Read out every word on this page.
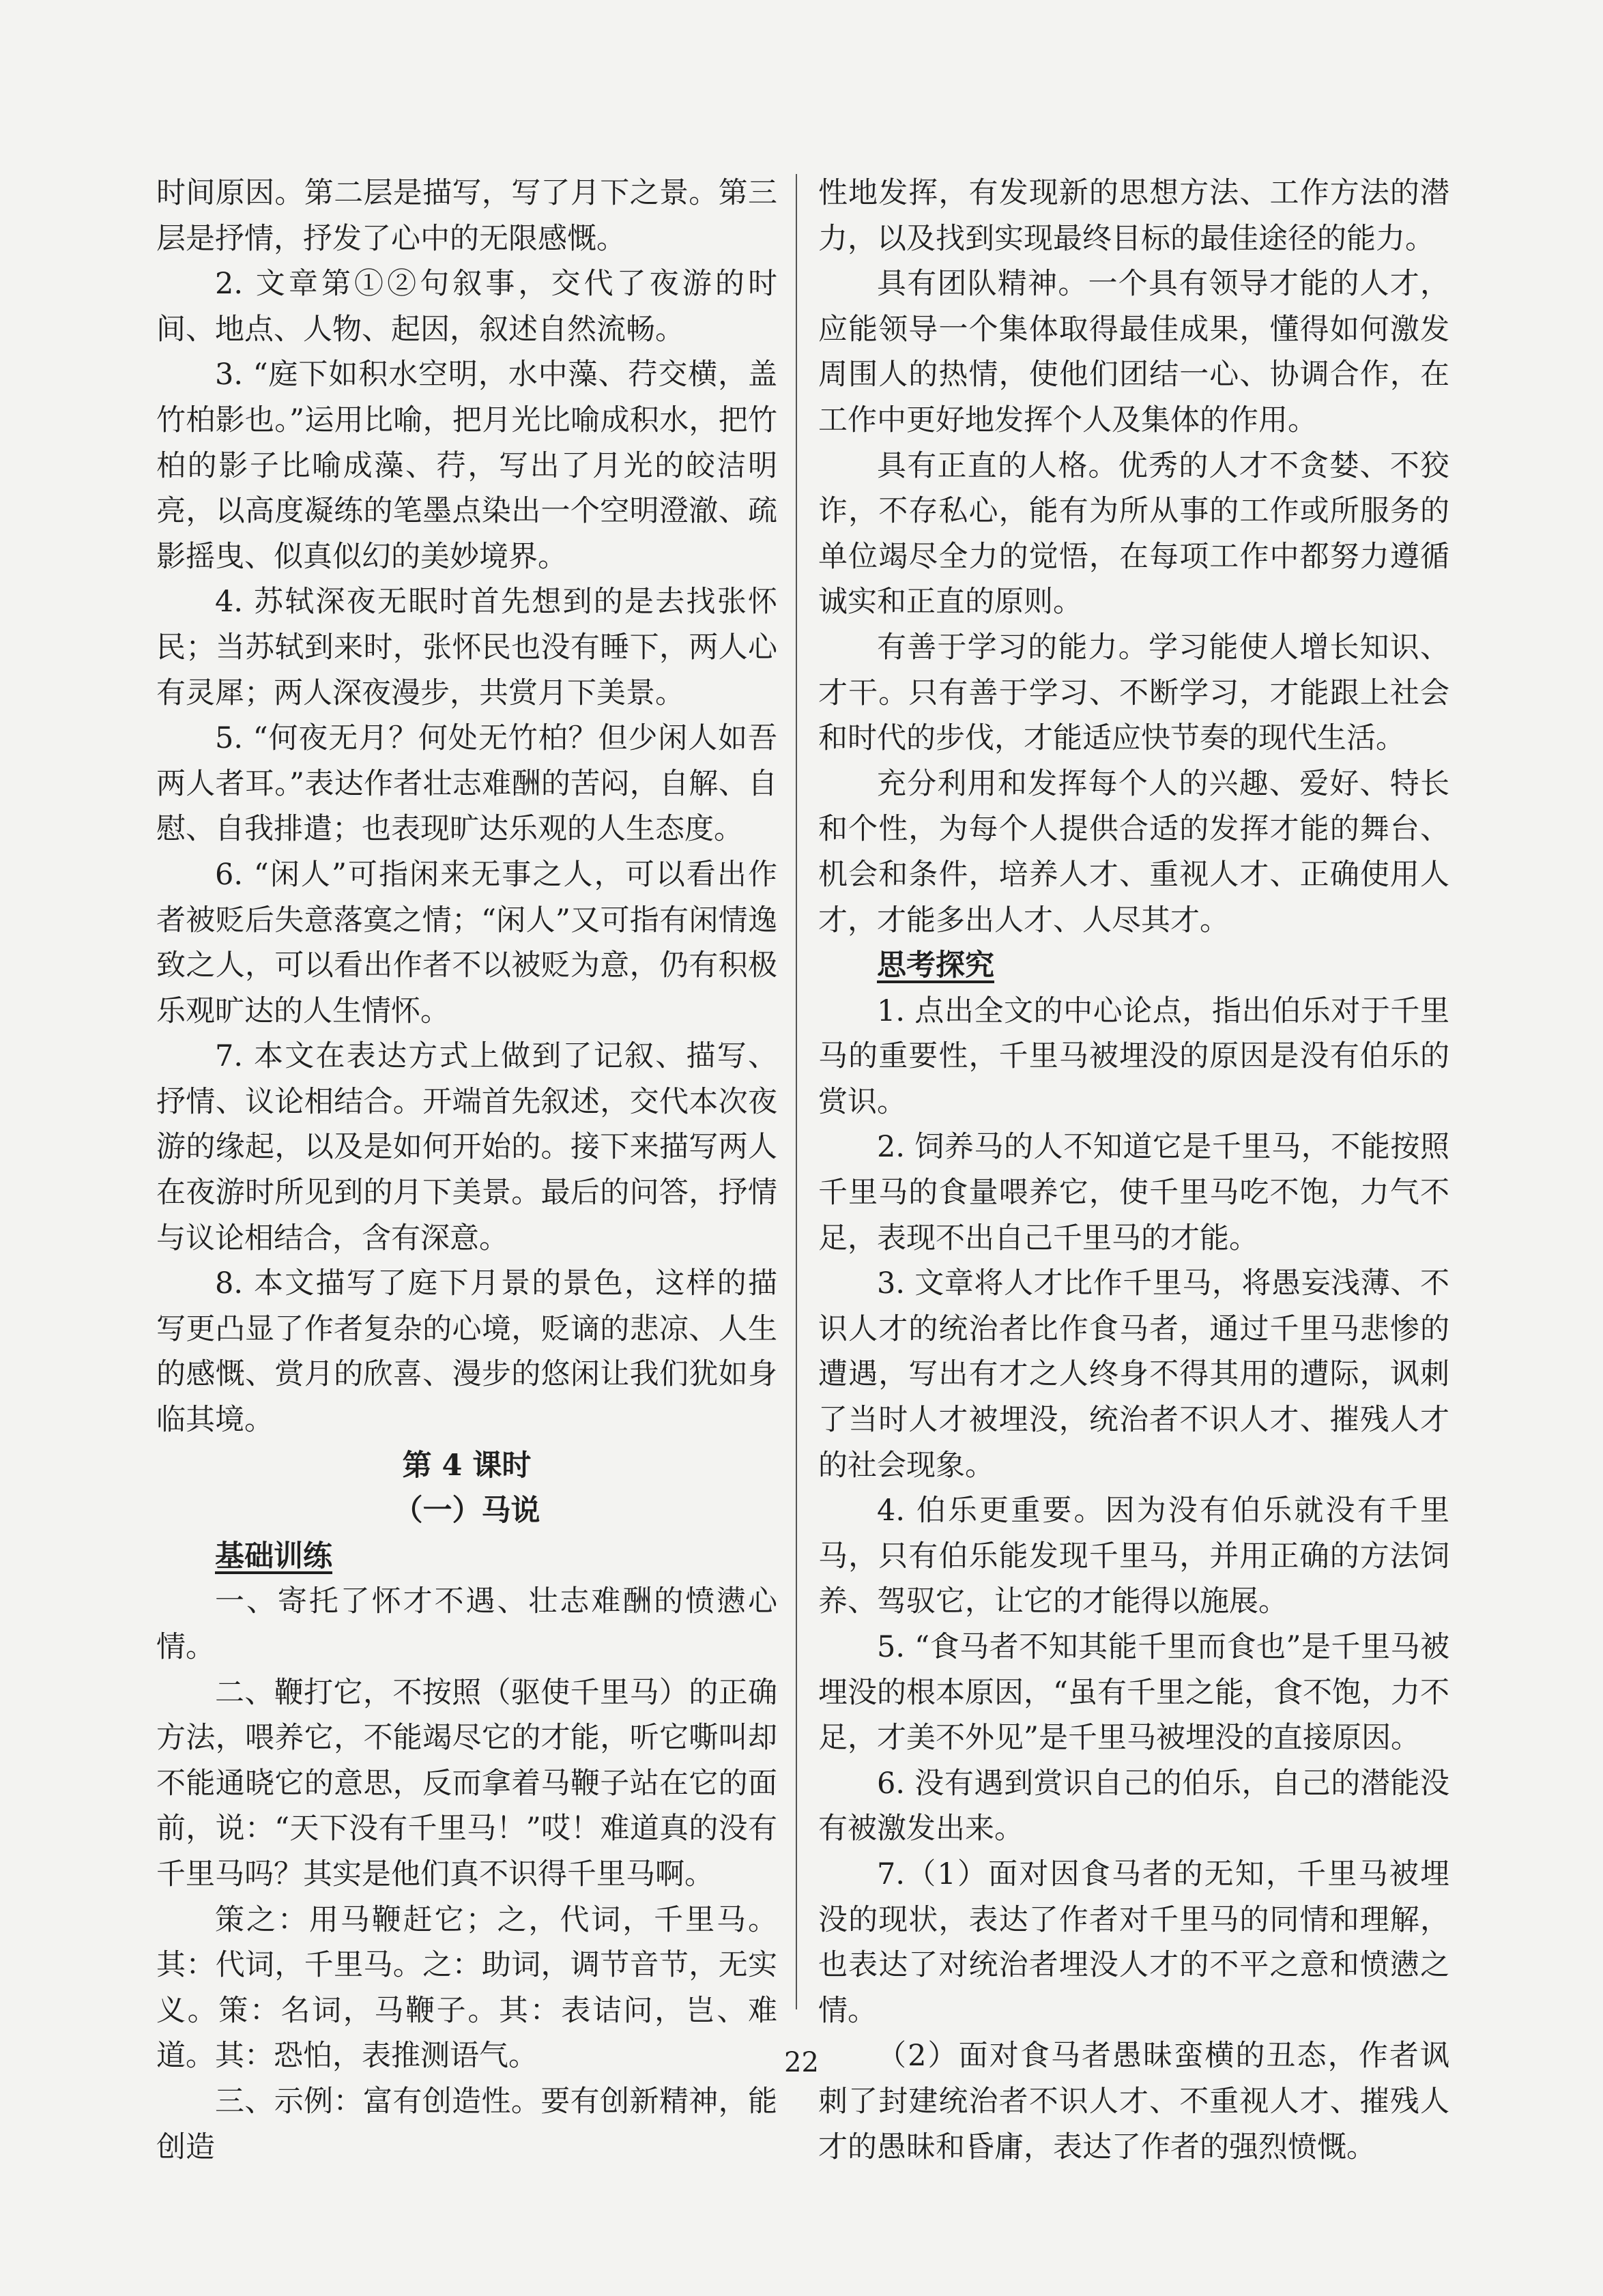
时间原因。第二层是描写，写了月下之景。第三层是抒情，抒发了心中的无限感慨。

2. 文章第①②句叙事，交代了夜游的时间、地点、人物、起因，叙述自然流畅。

3. “庭下如积水空明，水中藻、荇交横，盖竹柏影也。”运用比喻，把月光比喻成积水，把竹柏的影子比喻成藻、荇，写出了月光的皎洁明亮，以高度凝练的笔墨点染出一个空明澄澈、疏影摇曳、似真似幻的美妙境界。

4. 苏轼深夜无眠时首先想到的是去找张怀民；当苏轼到来时，张怀民也没有睡下，两人心有灵犀；两人深夜漫步，共赏月下美景。

5. “何夜无月？何处无竹柏？但少闲人如吾两人者耳。”表达作者壮志难酬的苦闷，自解、自慰、自我排遣；也表现旷达乐观的人生态度。

6. “闲人”可指闲来无事之人，可以看出作者被贬后失意落寞之情；“闲人”又可指有闲情逸致之人，可以看出作者不以被贬为意，仍有积极乐观旷达的人生情怀。

7. 本文在表达方式上做到了记叙、描写、抒情、议论相结合。开端首先叙述，交代本次夜游的缘起，以及是如何开始的。接下来描写两人在夜游时所见到的月下美景。最后的问答，抒情与议论相结合，含有深意。

8. 本文描写了庭下月景的景色，这样的描写更凸显了作者复杂的心境，贬谪的悲凉、人生的感慨、赏月的欣喜、漫步的悠闲让我们犹如身临其境。

第 4 课时
（一）马说
基础训练

一、寄托了怀才不遇、壮志难酬的愤懑心情。

二、鞭打它，不按照（驱使千里马）的正确方法，喂养它，不能竭尽它的才能，听它嘶叫却不能通晓它的意思，反而拿着马鞭子站在它的面前，说：“天下没有千里马！”哎！难道真的没有千里马吗？其实是他们真不识得千里马啊。

策之：用马鞭赶它；之，代词，千里马。其：代词，千里马。之：助词，调节音节，无实义。策：名词，马鞭子。其：表诘问，岂、难道。其：恐怕，表推测语气。

三、示例：富有创造性。要有创新精神，能创造

性地发挥，有发现新的思想方法、工作方法的潜力，以及找到实现最终目标的最佳途径的能力。

具有团队精神。一个具有领导才能的人才，应能领导一个集体取得最佳成果，懂得如何激发周围人的热情，使他们团结一心、协调合作，在工作中更好地发挥个人及集体的作用。

具有正直的人格。优秀的人才不贪婪、不狡诈，不存私心，能有为所从事的工作或所服务的单位竭尽全力的觉悟，在每项工作中都努力遵循诚实和正直的原则。

有善于学习的能力。学习能使人增长知识、才干。只有善于学习、不断学习，才能跟上社会和时代的步伐，才能适应快节奏的现代生活。

充分利用和发挥每个人的兴趣、爱好、特长和个性，为每个人提供合适的发挥才能的舞台、机会和条件，培养人才、重视人才、正确使用人才，才能多出人才、人尽其才。

思考探究

1. 点出全文的中心论点，指出伯乐对于千里马的重要性，千里马被埋没的原因是没有伯乐的赏识。

2. 饲养马的人不知道它是千里马，不能按照千里马的食量喂养它，使千里马吃不饱，力气不足，表现不出自己千里马的才能。

3. 文章将人才比作千里马，将愚妄浅薄、不识人才的统治者比作食马者，通过千里马悲惨的遭遇，写出有才之人终身不得其用的遭际，讽刺了当时人才被埋没，统治者不识人才、摧残人才的社会现象。

4. 伯乐更重要。因为没有伯乐就没有千里马，只有伯乐能发现千里马，并用正确的方法饲养、驾驭它，让它的才能得以施展。

5. “食马者不知其能千里而食也”是千里马被埋没的根本原因，“虽有千里之能，食不饱，力不足，才美不外见”是千里马被埋没的直接原因。

6. 没有遇到赏识自己的伯乐，自己的潜能没有被激发出来。

7.（1）面对因食马者的无知，千里马被埋没的现状，表达了作者对千里马的同情和理解，也表达了对统治者埋没人才的不平之意和愤懑之情。

（2）面对食马者愚昧蛮横的丑态，作者讽刺了封建统治者不识人才、不重视人才、摧残人才的愚昧和昏庸，表达了作者的强烈愤慨。

22
